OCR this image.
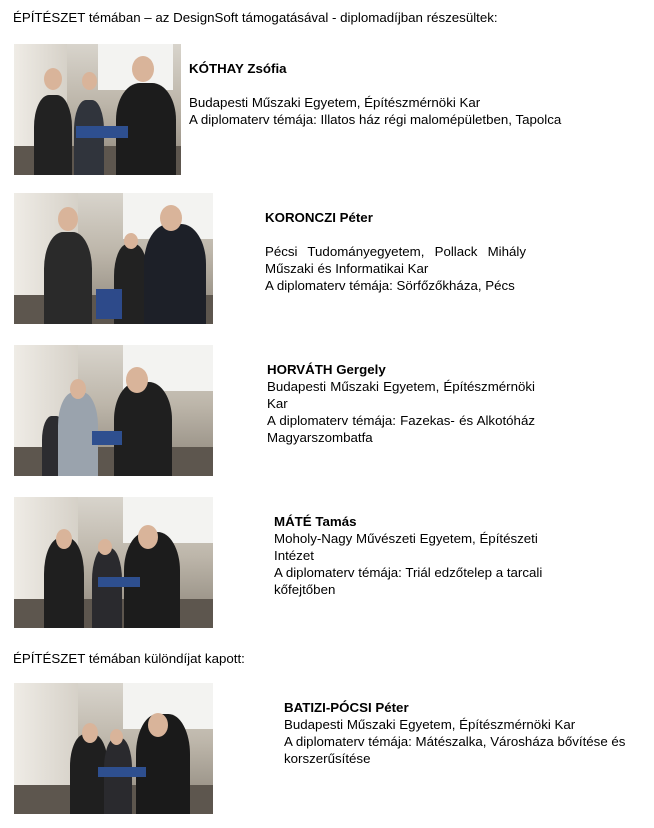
ÉPÍTÉSZET témában – az DesignSoft támogatásával - diplomadíjban részesültek:

KÓTHAY Zsófia

Budapesti Műszaki Egyetem, Építészmérnöki Kar

A diplomaterv témája: Illatos ház régi malomépületben, Tapolca

KORONCZI Péter

Pécsi Tudományegyetem, Pollack Mihály Műszaki és Informatikai Kar

A diplomaterv témája: Sörfőzőkháza, Pécs

HORVÁTH Gergely

Budapesti Műszaki Egyetem, Építészmérnöki Kar

A diplomaterv témája: Fazekas- és Alkotóház Magyarszombatfa

MÁTÉ Tamás

Moholy-Nagy Művészeti Egyetem, Építészeti Intézet

A diplomaterv témája: Triál edzőtelep a tarcali kőfejtőben

ÉPÍTÉSZET témában különdíjat kapott:

BATIZI-PÓCSI Péter

Budapesti Műszaki Egyetem, Építészmérnöki Kar

A diplomaterv témája: Mátészalka, Városháza bővítése és korszerűsítése
